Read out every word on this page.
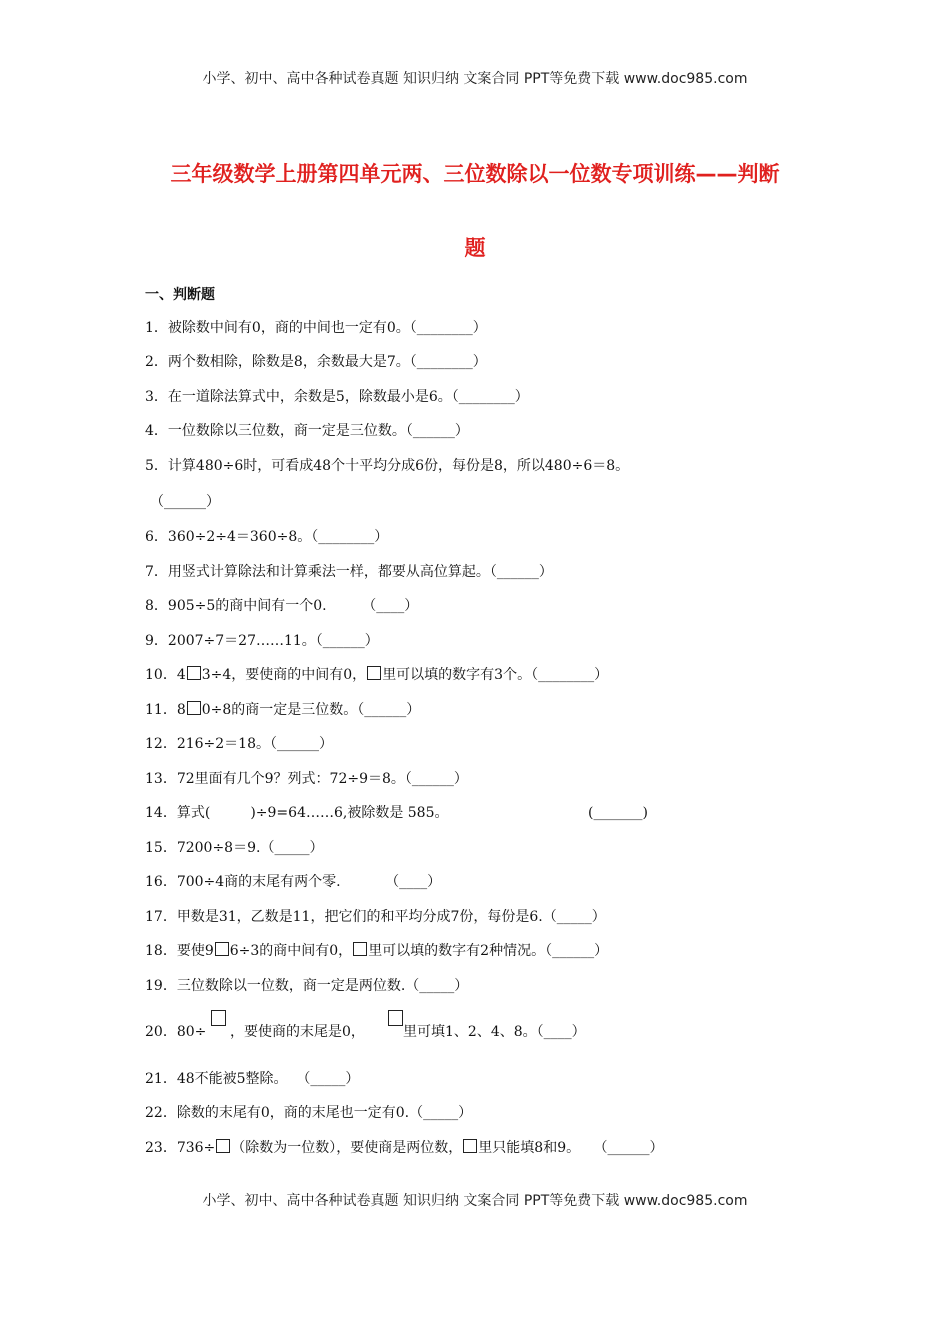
小学、初中、高中各种试卷真题 知识归纳 文案合同 PPT等免费下载 www.doc985.com
三年级数学上册第四单元两、三位数除以一位数专项训练——判断
题
一、判断题
1．被除数中间有0，商的中间也一定有0。（________）
2．两个数相除，除数是8，余数最大是7。（________）
3．在一道除法算式中，余数是5，除数最小是6。（________）
4．一位数除以三位数，商一定是三位数。（______）
5．计算480÷6时，可看成48个十平均分成6份，每份是8，所以480÷6＝8。
（______）
6．360÷2÷4＝360÷8。（________）
7．用竖式计算除法和计算乘法一样，都要从高位算起。（______）
8．905÷5的商中间有一个0.        （____）
9．2007÷7＝27……11。（______）
10．4 3÷4，要使商的中间有0， 里可以填的数字有3个。（________）
11．8 0÷8的商一定是三位数。（______）
12．216÷2＝18。（______）
13．72里面有几个9？列式：72÷9＝8。（______）
14．算式(         )÷9=64……6,被除数是 585。	(_______)
15．7200÷8＝9.（_____）
16．700÷4商的末尾有两个零.          （____）
17．甲数是31，乙数是11，把它们的和平均分成7份，每份是6.（_____）
18．要使9 6÷3的商中间有0， 里可以填的数字有2种情况。（______）
19．三位数除以一位数，商一定是两位数.（_____）
20．80÷ ，要使商的末尾是0，	里可填1、2、4、8。（____）
21．48不能被5整除。  （_____）
22．除数的末尾有0，商的末尾也一定有0.（_____）
23．736÷ （除数为一位数），要使商是两位数， 里只能填8和9。   （______）
小学、初中、高中各种试卷真题 知识归纳 文案合同 PPT等免费下载 www.doc985.com
